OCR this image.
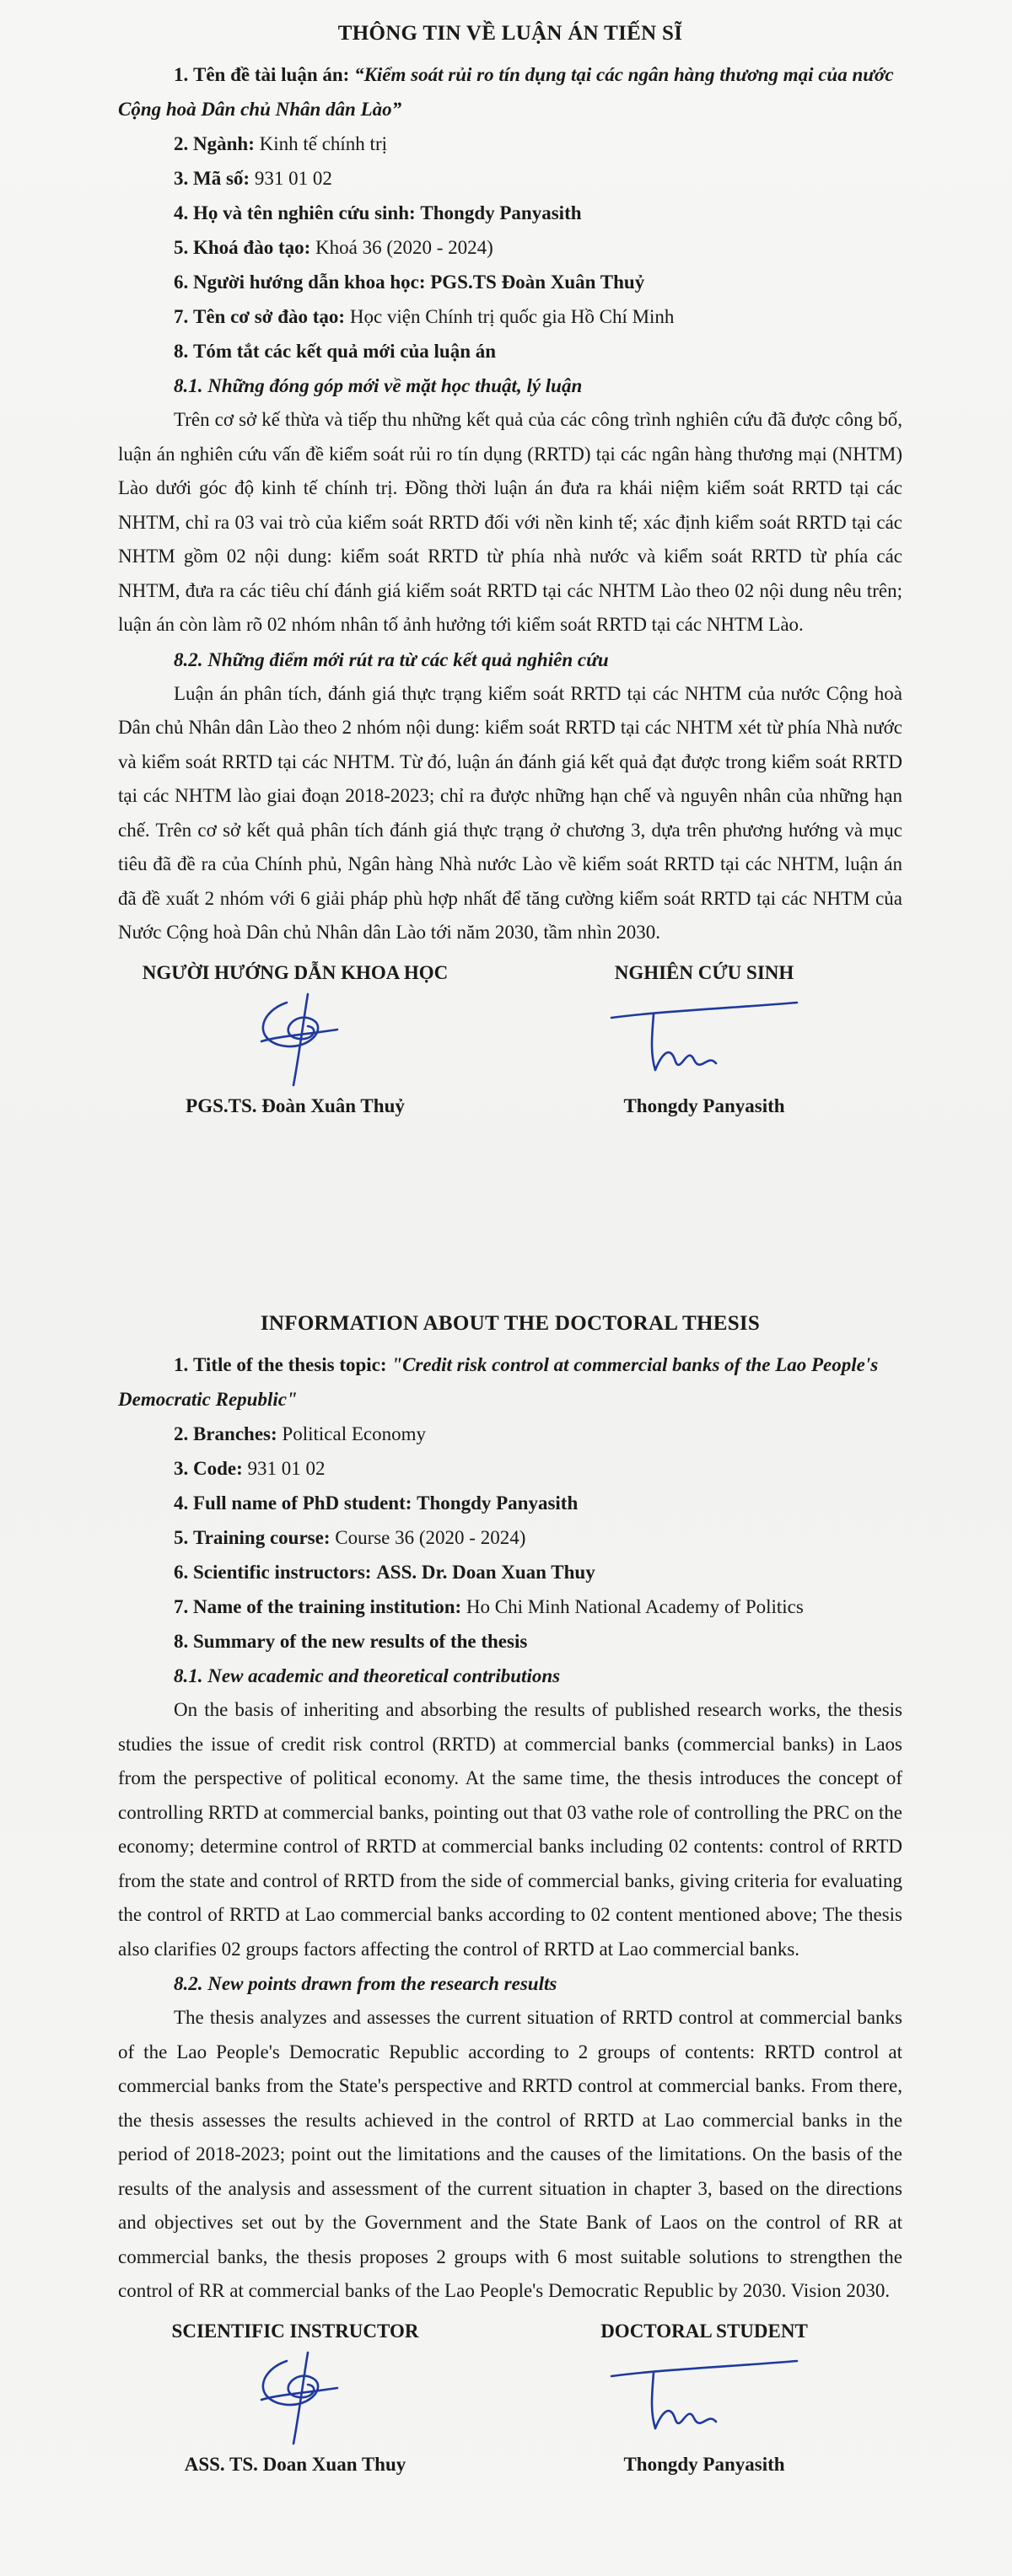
THÔNG TIN VỀ LUẬN ÁN TIẾN SĨ

1. Tên đề tài luận án: “Kiểm soát rủi ro tín dụng tại các ngân hàng thương mại của nước Cộng hoà Dân chủ Nhân dân Lào”

2. Ngành: Kinh tế chính trị

3. Mã số: 931 01 02

4. Họ và tên nghiên cứu sinh: Thongdy Panyasith

5. Khoá đào tạo: Khoá 36 (2020 - 2024)

6. Người hướng dẫn khoa học: PGS.TS Đoàn Xuân Thuỷ

7. Tên cơ sở đào tạo: Học viện Chính trị quốc gia Hồ Chí Minh

8. Tóm tắt các kết quả mới của luận án

8.1. Những đóng góp mới về mặt học thuật, lý luận

Trên cơ sở kế thừa và tiếp thu những kết quả của các công trình nghiên cứu đã được công bố, luận án nghiên cứu vấn đề kiểm soát rủi ro tín dụng (RRTD) tại các ngân hàng thương mại (NHTM) Lào dưới góc độ kinh tế chính trị. Đồng thời luận án đưa ra khái niệm kiểm soát RRTD tại các NHTM, chỉ ra 03 vai trò của kiểm soát RRTD đối với nền kinh tế; xác định kiểm soát RRTD tại các NHTM gồm 02 nội dung: kiểm soát RRTD từ phía nhà nước và kiểm soát RRTD từ phía các NHTM, đưa ra các tiêu chí đánh giá kiểm soát RRTD tại các NHTM Lào theo 02 nội dung nêu trên; luận án còn làm rõ 02 nhóm nhân tố ảnh hưởng tới kiểm soát RRTD tại các NHTM Lào.

8.2. Những điểm mới rút ra từ các kết quả nghiên cứu

Luận án phân tích, đánh giá thực trạng kiểm soát RRTD tại các NHTM của nước Cộng hoà Dân chủ Nhân dân Lào theo 2 nhóm nội dung: kiểm soát RRTD tại các NHTM xét từ phía Nhà nước và kiểm soát RRTD tại các NHTM. Từ đó, luận án đánh giá kết quả đạt được trong kiểm soát RRTD tại các NHTM lào giai đoạn 2018-2023; chỉ ra được những hạn chế và nguyên nhân của những hạn chế. Trên cơ sở kết quả phân tích đánh giá thực trạng ở chương 3, dựa trên phương hướng và mục tiêu đã đề ra của Chính phủ, Ngân hàng Nhà nước Lào về kiểm soát RRTD tại các NHTM, luận án đã đề xuất 2 nhóm với 6 giải pháp phù hợp nhất để tăng cường kiểm soát RRTD tại các NHTM của Nước Cộng hoà Dân chủ Nhân dân Lào tới năm 2030, tầm nhìn 2030.

NGƯỜI HƯỚNG DẪN KHOA HỌC
PGS.TS. Đoàn Xuân Thuỷ
NGHIÊN CỨU SINH
Thongdy Panyasith
INFORMATION ABOUT THE DOCTORAL THESIS

1. Title of the thesis topic: "Credit risk control at commercial banks of the Lao People's Democratic Republic"

2. Branches: Political Economy

3. Code: 931 01 02

4. Full name of PhD student: Thongdy Panyasith

5. Training course: Course 36 (2020 - 2024)

6. Scientific instructors: ASS. Dr. Doan Xuan Thuy

7. Name of the training institution: Ho Chi Minh National Academy of Politics

8. Summary of the new results of the thesis

8.1. New academic and theoretical contributions

On the basis of inheriting and absorbing the results of published research works, the thesis studies the issue of credit risk control (RRTD) at commercial banks (commercial banks) in Laos from the perspective of political economy. At the same time, the thesis introduces the concept of controlling RRTD at commercial banks, pointing out that 03 vathe role of controlling the PRC on the economy; determine control of RRTD at commercial banks including 02 contents: control of RRTD from the state and control of RRTD from the side of commercial banks, giving criteria for evaluating the control of RRTD at Lao commercial banks according to 02 content mentioned above; The thesis also clarifies 02 groups factors affecting the control of RRTD at Lao commercial banks.

8.2. New points drawn from the research results

The thesis analyzes and assesses the current situation of RRTD control at commercial banks of the Lao People's Democratic Republic according to 2 groups of contents: RRTD control at commercial banks from the State's perspective and RRTD control at commercial banks. From there, the thesis assesses the results achieved in the control of RRTD at Lao commercial banks in the period of 2018-2023; point out the limitations and the causes of the limitations. On the basis of the results of the analysis and assessment of the current situation in chapter 3, based on the directions and objectives set out by the Government and the State Bank of Laos on the control of RR at commercial banks, the thesis proposes 2 groups with 6 most suitable solutions to strengthen the control of RR at commercial banks of the Lao People's Democratic Republic by 2030. Vision 2030.

SCIENTIFIC INSTRUCTOR
ASS. TS. Doan Xuan Thuy
DOCTORAL STUDENT
Thongdy Panyasith
